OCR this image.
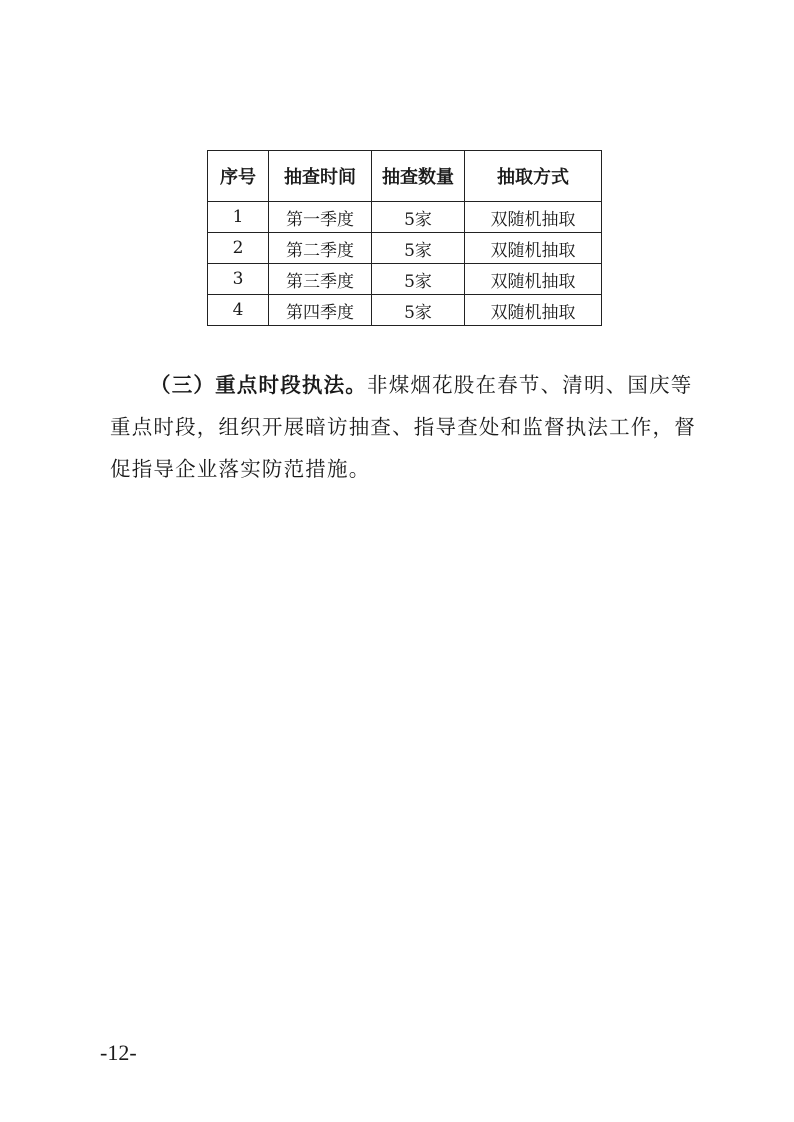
序号	抽查时间	抽查数量	抽取方式
1	第一季度	5家	双随机抽取
2	第二季度	5家	双随机抽取
3	第三季度	5家	双随机抽取
4	第四季度	5家	双随机抽取

（三）重点时段执法。非煤烟花股在春节、清明、国庆等重点时段，组织开展暗访抽查、指导查处和监督执法工作，督促指导企业落实防范措施。

-12-
